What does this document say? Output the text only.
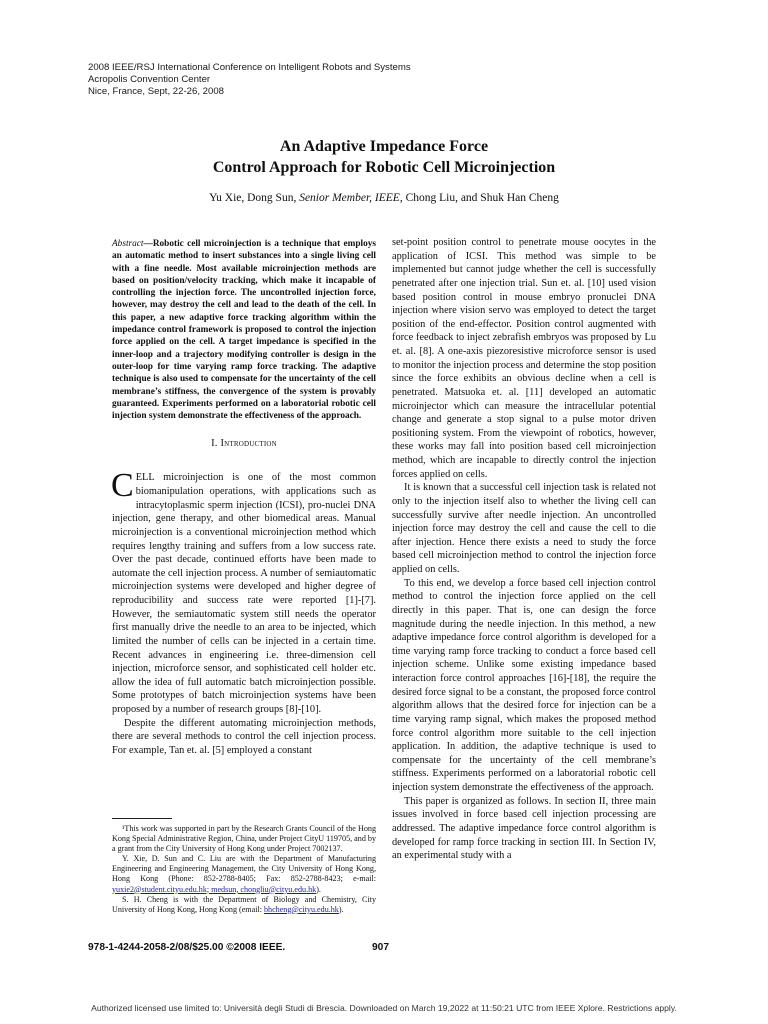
2008 IEEE/RSJ International Conference on Intelligent Robots and Systems
Acropolis Convention Center
Nice, France, Sept, 22-26, 2008
An Adaptive Impedance Force
Control Approach for Robotic Cell Microinjection
Yu Xie, Dong Sun, Senior Member, IEEE, Chong Liu, and Shuk Han Cheng
Abstract—Robotic cell microinjection is a technique that employs an automatic method to insert substances into a single living cell with a fine needle. Most available microinjection methods are based on position/velocity tracking, which make it incapable of controlling the injection force. The uncontrolled injection force, however, may destroy the cell and lead to the death of the cell. In this paper, a new adaptive force tracking algorithm within the impedance control framework is proposed to control the injection force applied on the cell. A target impedance is specified in the inner-loop and a trajectory modifying controller is design in the outer-loop for time varying ramp force tracking. The adaptive technique is also used to compensate for the uncertainty of the cell membrane’s stiffness, the convergence of the system is provably guaranteed. Experiments performed on a laboratorial robotic cell injection system demonstrate the effectiveness of the approach.
I. Introduction

CELL microinjection is one of the most common biomanipulation operations, with applications such as intracytoplasmic sperm injection (ICSI), pro-nuclei DNA injection, gene therapy, and other biomedical areas. Manual microinjection is a conventional microinjection method which requires lengthy training and suffers from a low success rate. Over the past decade, continued efforts have been made to automate the cell injection process. A number of semiautomatic microinjection systems were developed and higher degree of reproducibility and success rate were reported [1]-[7]. However, the semiautomatic system still needs the operator first manually drive the needle to an area to be injected, which limited the number of cells can be injected in a certain time. Recent advances in engineering i.e. three-dimension cell injection, microforce sensor, and sophisticated cell holder etc. allow the idea of full automatic batch microinjection possible. Some prototypes of batch microinjection systems have been proposed by a number of research groups [8]-[10].

Despite the different automating microinjection methods, there are several methods to control the cell injection process. For example, Tan et. al. [5] employed a constant

¹This work was supported in part by the Research Grants Council of the Hong Kong Special Administrative Region, China, under Project CityU 119705, and by a grant from the City University of Hong Kong under Project 7002137.

Y. Xie, D. Sun and C. Liu are with the Department of Manufacturing Engineering and Engineering Management, the City University of Hong Kong, Hong Kong (Phone: 852-2788-8405; Fax: 852-2788-8423; e-mail: yuxie2@student.cityu.edu.hk; medsun, chongliu@cityu.edu.hk).

S. H. Cheng is with the Department of Biology and Chemistry, City University of Hong Kong, Hong Kong (email: bhcheng@cityu.edu.hk).

set-point position control to penetrate mouse oocytes in the application of ICSI. This method was simple to be implemented but cannot judge whether the cell is successfully penetrated after one injection trial. Sun et. al. [10] used vision based position control in mouse embryo pronuclei DNA injection where vision servo was employed to detect the target position of the end-effector. Position control augmented with force feedback to inject zebrafish embryos was proposed by Lu et. al. [8]. A one-axis piezoresistive microforce sensor is used to monitor the injection process and determine the stop position since the force exhibits an obvious decline when a cell is penetrated. Matsuoka et. al. [11] developed an automatic microinjector which can measure the intracellular potential change and generate a stop signal to a pulse motor driven positioning system. From the viewpoint of robotics, however, these works may fall into position based cell microinjection method, which are incapable to directly control the injection forces applied on cells.

It is known that a successful cell injection task is related not only to the injection itself also to whether the living cell can successfully survive after needle injection. An uncontrolled injection force may destroy the cell and cause the cell to die after injection. Hence there exists a need to study the force based cell microinjection method to control the injection force applied on cells.

To this end, we develop a force based cell injection control method to control the injection force applied on the cell directly in this paper. That is, one can design the force magnitude during the needle injection. In this method, a new adaptive impedance force control algorithm is developed for a time varying ramp force tracking to conduct a force based cell injection scheme. Unlike some existing impedance based interaction force control approaches [16]-[18], the require the desired force signal to be a constant, the proposed force control algorithm allows that the desired force for injection can be a time varying ramp signal, which makes the proposed method force control algorithm more suitable to the cell injection application. In addition, the adaptive technique is used to compensate for the uncertainty of the cell membrane’s stiffness. Experiments performed on a laboratorial robotic cell injection system demonstrate the effectiveness of the approach.

This paper is organized as follows. In section II, three main issues involved in force based cell injection processing are addressed. The adaptive impedance force control algorithm is developed for ramp force tracking in section III. In Section IV, an experimental study with a

978-1-4244-2058-2/08/$25.00 ©2008 IEEE.	907
Authorized licensed use limited to: Università degli Studi di Brescia. Downloaded on March 19,2022 at 11:50:21 UTC from IEEE Xplore. Restrictions apply.
